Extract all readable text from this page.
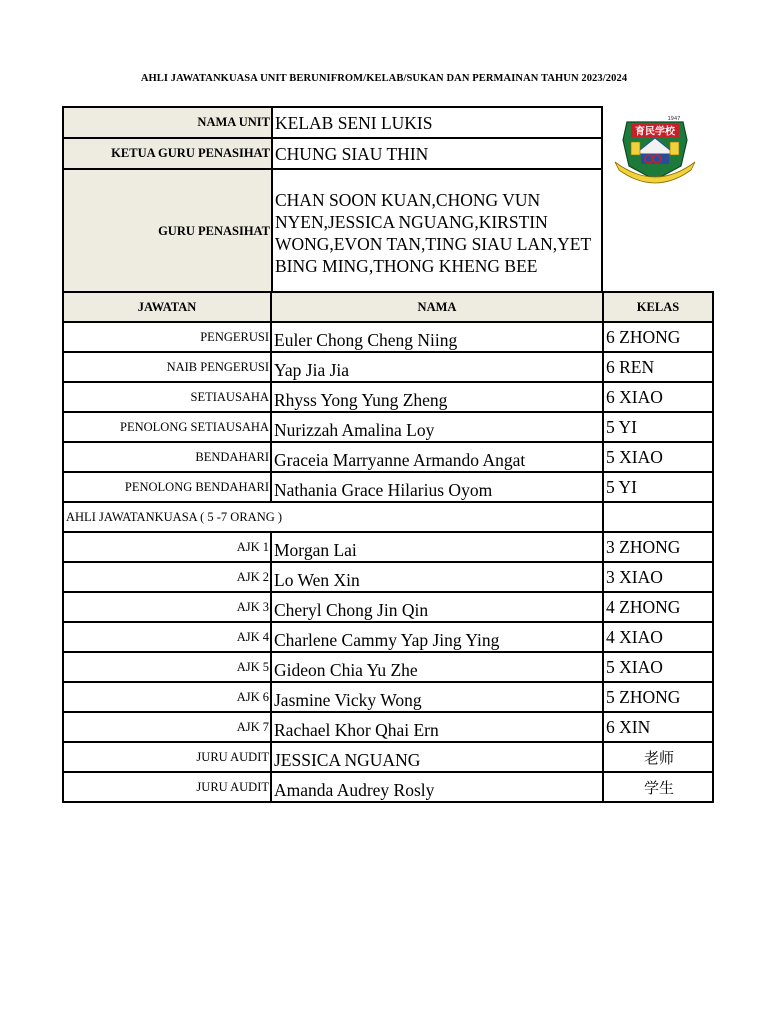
AHLI JAWATANKUASA UNIT BERUNIFROM/KELAB/SUKAN DAN PERMAINAN TAHUN 2023/2024
NAMA UNIT	KELAB SENI LUKIS
KETUA GURU PENASIHAT	CHUNG SIAU THIN
GURU PENASIHAT	CHAN SOON KUAN,CHONG VUN NYEN,JESSICA NGUANG,KIRSTIN WONG,EVON TAN,TING SIAU LAN,YET BING MING,THONG KHENG BEE
育民学校
1947
JAWATAN	NAMA	KELAS
PENGERUSI	Euler Chong Cheng Niing	6 ZHONG
NAIB PENGERUSI	Yap Jia Jia	6 REN
SETIAUSAHA	Rhyss Yong Yung Zheng	6 XIAO
PENOLONG SETIAUSAHA	Nurizzah Amalina Loy	5 YI
BENDAHARI	Graceia Marryanne Armando Angat	5 XIAO
PENOLONG BENDAHARI	Nathania Grace Hilarius Oyom	5 YI
AHLI JAWATANKUASA ( 5 -7 ORANG )		
AJK 1	Morgan Lai	3 ZHONG
AJK 2	Lo Wen Xin	3 XIAO
AJK 3	Cheryl Chong Jin Qin	4 ZHONG
AJK 4	Charlene Cammy Yap Jing Ying	4 XIAO
AJK 5	Gideon Chia Yu Zhe	5 XIAO
AJK 6	Jasmine Vicky Wong	5 ZHONG
AJK 7	Rachael Khor Qhai Ern	6 XIN
JURU AUDIT	JESSICA NGUANG	老师
JURU AUDIT	Amanda Audrey Rosly	学生
